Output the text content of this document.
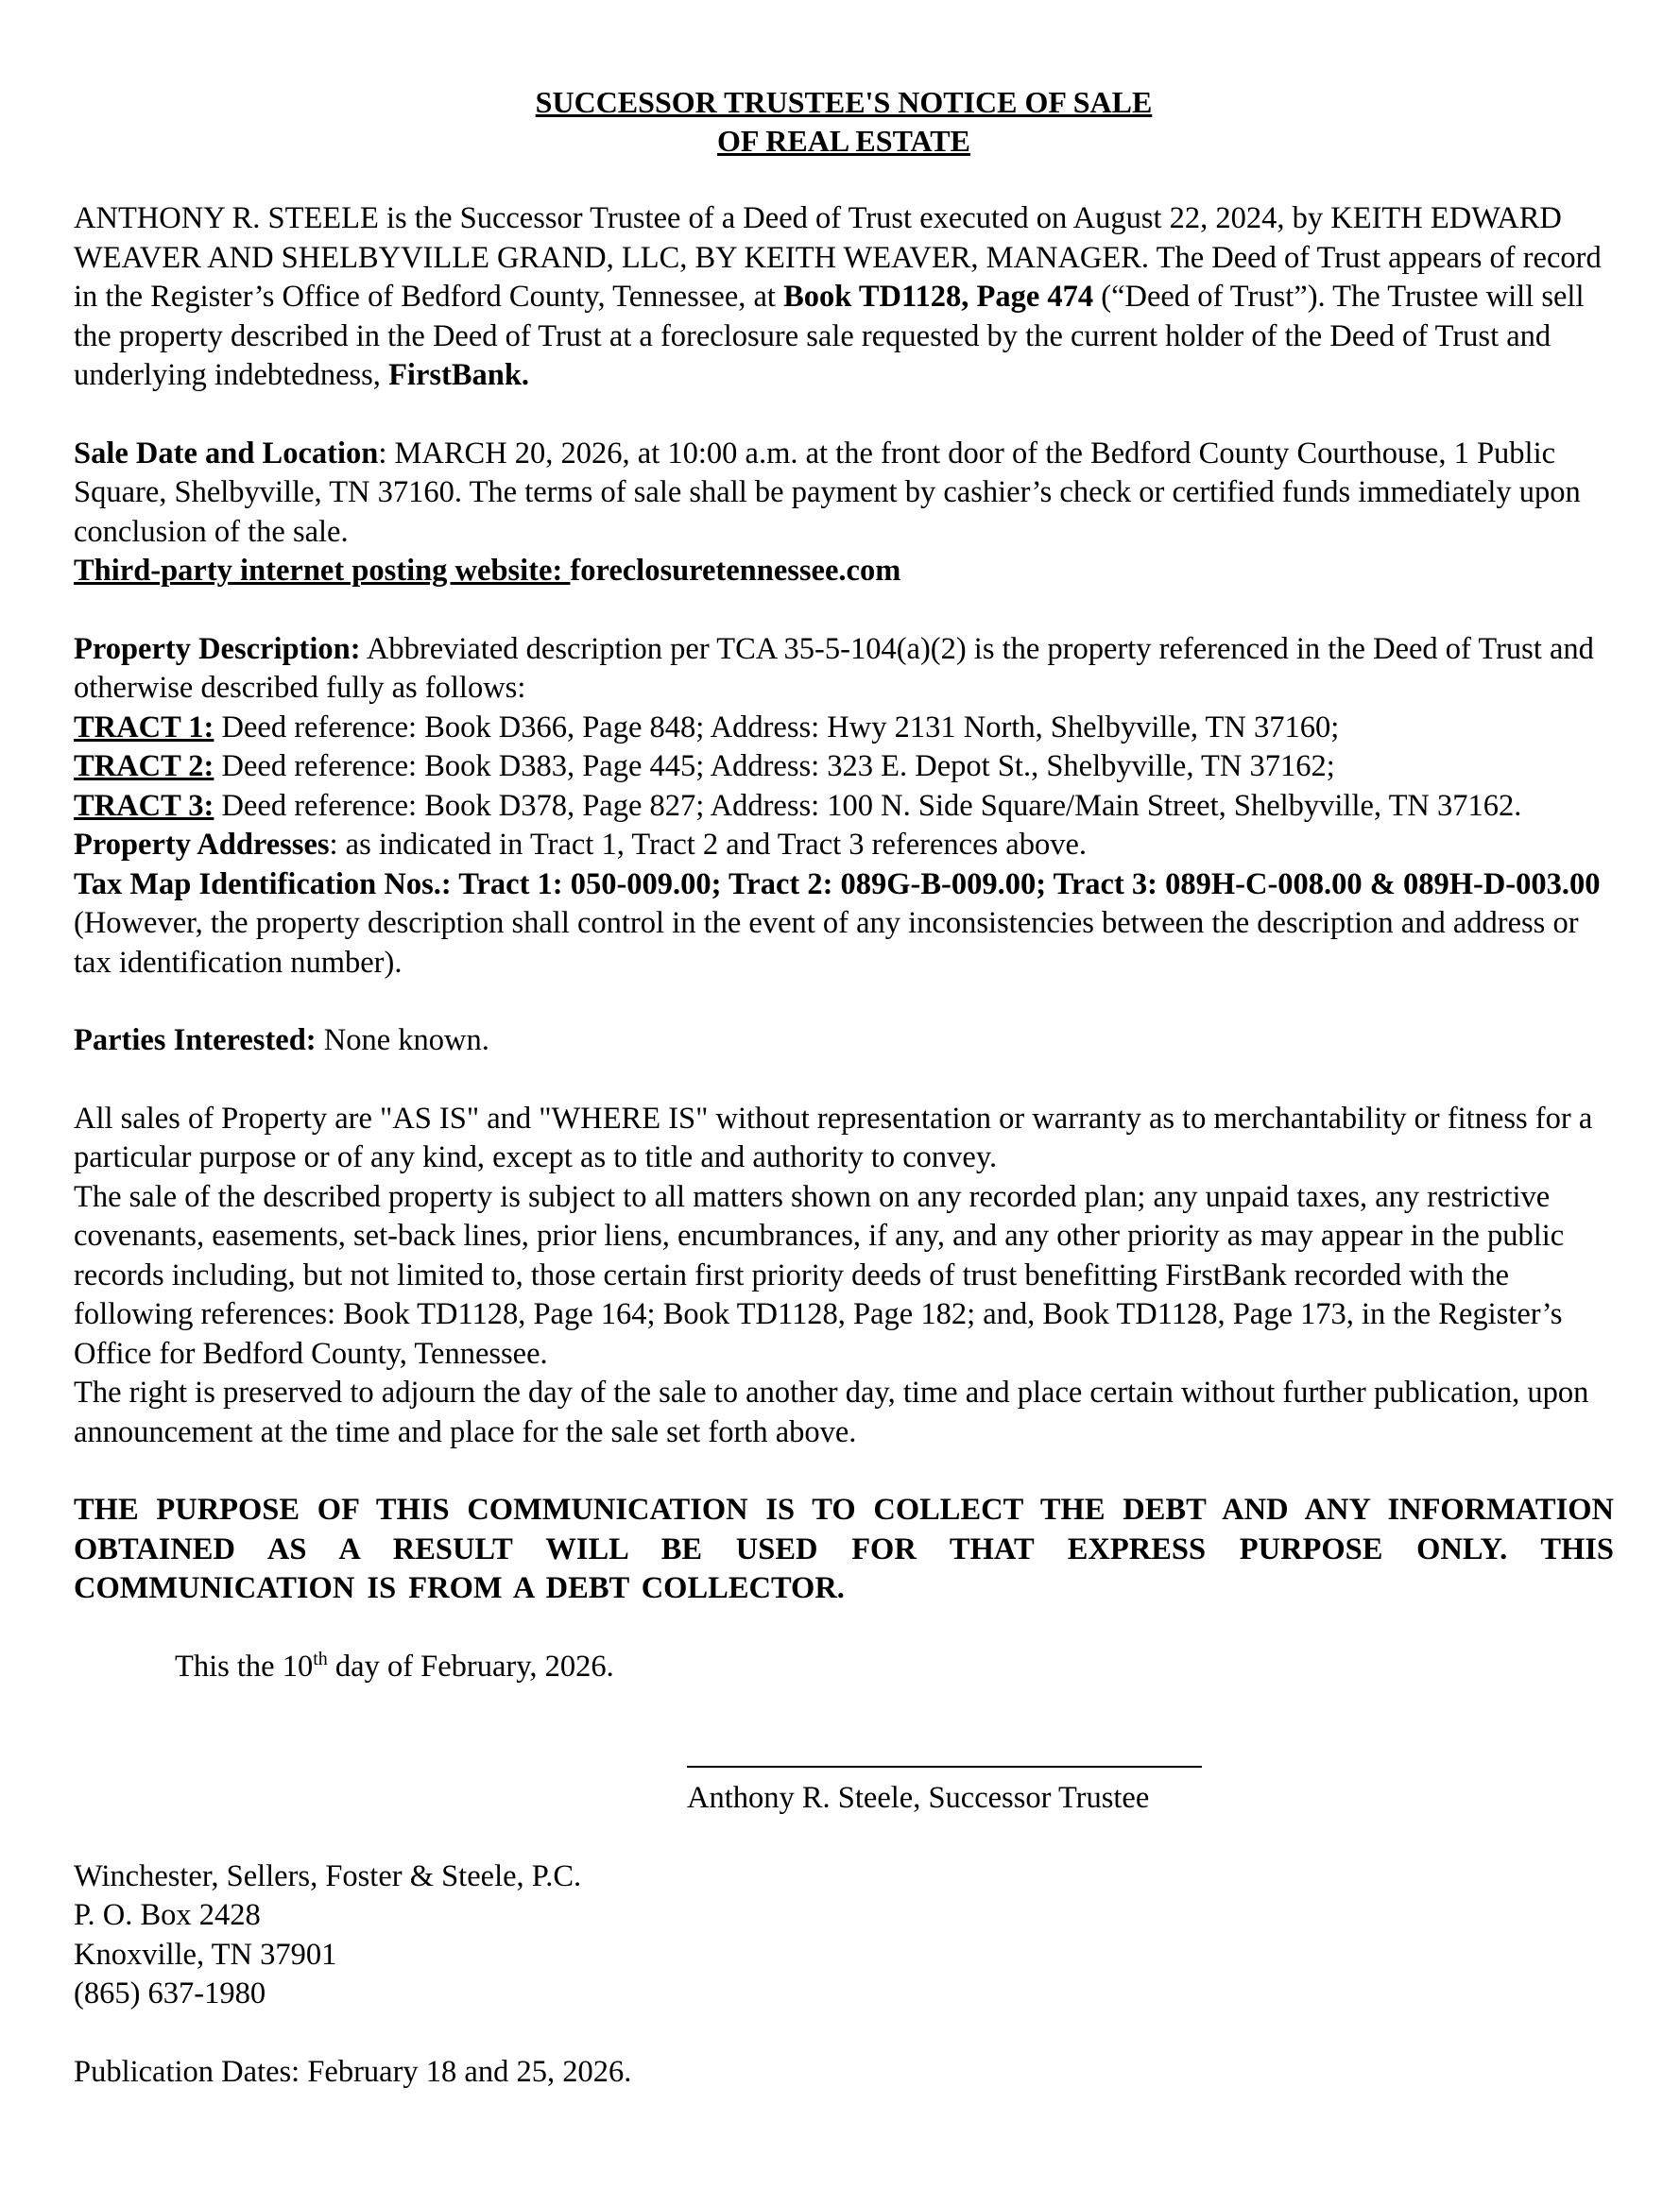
SUCCESSOR TRUSTEE'S NOTICE OF SALE
OF REAL ESTATE

ANTHONY R. STEELE is the Successor Trustee of a Deed of Trust executed on August 22, 2024, by KEITH EDWARD WEAVER AND SHELBYVILLE GRAND, LLC, BY KEITH WEAVER, MANAGER. The Deed of Trust appears of record in the Register’s Office of Bedford County, Tennessee, at Book TD1128, Page 474 (“Deed of Trust”). The Trustee will sell the property described in the Deed of Trust at a foreclosure sale requested by the current holder of the Deed of Trust and underlying indebtedness, FirstBank.

Sale Date and Location: MARCH 20, 2026, at 10:00 a.m. at the front door of the Bedford County Courthouse, 1 Public Square, Shelbyville, TN 37160. The terms of sale shall be payment by cashier’s check or certified funds immediately upon conclusion of the sale.

Third-party internet posting website: foreclosuretennessee.com

Property Description: Abbreviated description per TCA 35-5-104(a)(2) is the property referenced in the Deed of Trust and otherwise described fully as follows:

TRACT 1: Deed reference: Book D366, Page 848; Address: Hwy 2131 North, Shelbyville, TN 37160;

TRACT 2: Deed reference: Book D383, Page 445; Address: 323 E. Depot St., Shelbyville, TN 37162;

TRACT 3: Deed reference: Book D378, Page 827; Address: 100 N. Side Square/Main Street, Shelbyville, TN 37162.

Property Addresses: as indicated in Tract 1, Tract 2 and Tract 3 references above.

Tax Map Identification Nos.: Tract 1: 050-009.00; Tract 2: 089G-B-009.00; Tract 3: 089H-C-008.00 & 089H-D-003.00 (However, the property description shall control in the event of any inconsistencies between the description and address or tax identification number).

Parties Interested: None known.

All sales of Property are "AS IS" and "WHERE IS" without representation or warranty as to merchantability or fitness for a particular purpose or of any kind, except as to title and authority to convey.

The sale of the described property is subject to all matters shown on any recorded plan; any unpaid taxes, any restrictive covenants, easements, set-back lines, prior liens, encumbrances, if any, and any other priority as may appear in the public records including, but not limited to, those certain first priority deeds of trust benefitting FirstBank recorded with the following references: Book TD1128, Page 164; Book TD1128, Page 182; and, Book TD1128, Page 173, in the Register’s Office for Bedford County, Tennessee.

The right is preserved to adjourn the day of the sale to another day, time and place certain without further publication, upon announcement at the time and place for the sale set forth above.

THE PURPOSE OF THIS COMMUNICATION IS TO COLLECT THE DEBT AND ANY INFORMATION OBTAINED AS A RESULT WILL BE USED FOR THAT EXPRESS PURPOSE ONLY. THIS COMMUNICATION IS FROM A DEBT COLLECTOR.

This the 10th day of February, 2026.

Anthony R. Steele, Successor Trustee

Winchester, Sellers, Foster & Steele, P.C.

P. O. Box 2428

Knoxville, TN 37901

(865) 637-1980

Publication Dates: February 18 and 25, 2026.
